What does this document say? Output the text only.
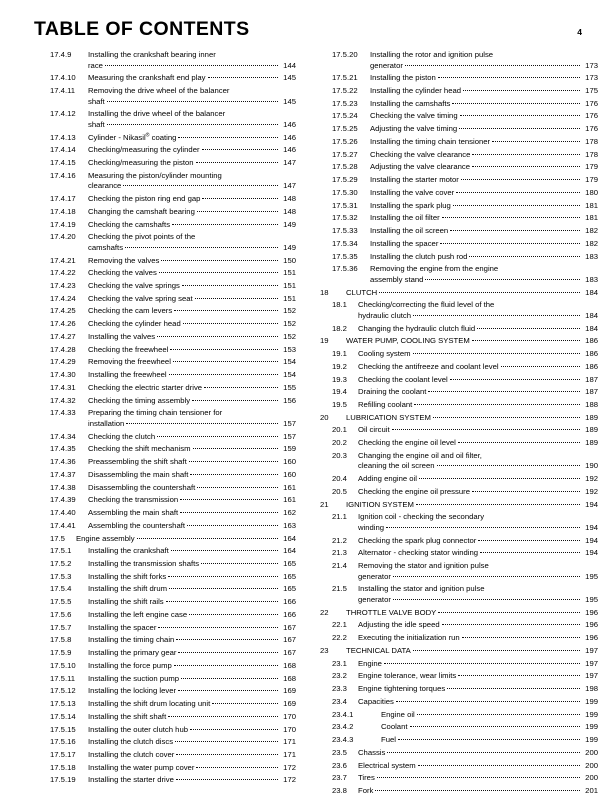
TABLE OF CONTENTS	4
17.4.9	Installing the crankshaft bearing inner
race	144
17.4.10	Measuring the crankshaft end play	145
17.4.11	Removing the drive wheel of the balancer
shaft	145
17.4.12	Installing the drive wheel of the balancer
shaft	146
17.4.13	Cylinder - Nikasil® coating	146
17.4.14	Checking/measuring the cylinder	146
17.4.15	Checking/measuring the piston	147
17.4.16	Measuring the piston/cylinder mounting
clearance	147
17.4.17	Checking the piston ring end gap	148
17.4.18	Changing the camshaft bearing	148
17.4.19	Checking the camshafts	149
17.4.20	Checking the pivot points of the
camshafts	149
17.4.21	Removing the valves	150
17.4.22	Checking the valves	151
17.4.23	Checking the valve springs	151
17.4.24	Checking the valve spring seat	151
17.4.25	Checking the cam levers	152
17.4.26	Checking the cylinder head	152
17.4.27	Installing the valves	152
17.4.28	Checking the freewheel	153
17.4.29	Removing the freewheel	154
17.4.30	Installing the freewheel	154
17.4.31	Checking the electric starter drive	155
17.4.32	Checking the timing assembly	156
17.4.33	Preparing the timing chain tensioner for
installation	157
17.4.34	Checking the clutch	157
17.4.35	Checking the shift mechanism	159
17.4.36	Preassembling the shift shaft	160
17.4.37	Disassembling the main shaft	160
17.4.38	Disassembling the countershaft	161
17.4.39	Checking the transmission	161
17.4.40	Assembling the main shaft	162
17.4.41	Assembling the countershaft	163
17.5	Engine assembly	164
17.5.1	Installing the crankshaft	164
17.5.2	Installing the transmission shafts	165
17.5.3	Installing the shift forks	165
17.5.4	Installing the shift drum	165
17.5.5	Installing the shift rails	166
17.5.6	Installing the left engine case	166
17.5.7	Installing the spacer	167
17.5.8	Installing the timing chain	167
17.5.9	Installing the primary gear	167
17.5.10	Installing the force pump	168
17.5.11	Installing the suction pump	168
17.5.12	Installing the locking lever	169
17.5.13	Installing the shift drum locating unit	169
17.5.14	Installing the shift shaft	170
17.5.15	Installing the outer clutch hub	170
17.5.16	Installing the clutch discs	171
17.5.17	Installing the clutch cover	171
17.5.18	Installing the water pump cover	172
17.5.19	Installing the starter drive	172
17.5.20	Installing the rotor and ignition pulse
generator	173
17.5.21	Installing the piston	173
17.5.22	Installing the cylinder head	175
17.5.23	Installing the camshafts	176
17.5.24	Checking the valve timing	176
17.5.25	Adjusting the valve timing	176
17.5.26	Installing the timing chain tensioner	178
17.5.27	Checking the valve clearance	178
17.5.28	Adjusting the valve clearance	179
17.5.29	Installing the starter motor	179
17.5.30	Installing the valve cover	180
17.5.31	Installing the spark plug	181
17.5.32	Installing the oil filter	181
17.5.33	Installing the oil screen	182
17.5.34	Installing the spacer	182
17.5.35	Installing the clutch push rod	183
17.5.36	Removing the engine from the engine
assembly stand	183
18	CLUTCH	184
18.1	Checking/correcting the fluid level of the
hydraulic clutch	184
18.2	Changing the hydraulic clutch fluid	184
19	WATER PUMP, COOLING SYSTEM	186
19.1	Cooling system	186
19.2	Checking the antifreeze and coolant level	186
19.3	Checking the coolant level	187
19.4	Draining the coolant	187
19.5	Refilling coolant	188
20	LUBRICATION SYSTEM	189
20.1	Oil circuit	189
20.2	Checking the engine oil level	189
20.3	Changing the engine oil and oil filter,
cleaning the oil screen	190
20.4	Adding engine oil	192
20.5	Checking the engine oil pressure	192
21	IGNITION SYSTEM	194
21.1	Ignition coil - checking the secondary
winding	194
21.2	Checking the spark plug connector	194
21.3	Alternator - checking stator winding	194
21.4	Removing the stator and ignition pulse
generator	195
21.5	Installing the stator and ignition pulse
generator	195
22	THROTTLE VALVE BODY	196
22.1	Adjusting the idle speed	196
22.2	Executing the initialization run	196
23	TECHNICAL DATA	197
23.1	Engine	197
23.2	Engine tolerance, wear limits	197
23.3	Engine tightening torques	198
23.4	Capacities	199
23.4.1	Engine oil	199
23.4.2	Coolant	199
23.4.3	Fuel	199
23.5	Chassis	200
23.6	Electrical system	200
23.7	Tires	200
23.8	Fork	201
